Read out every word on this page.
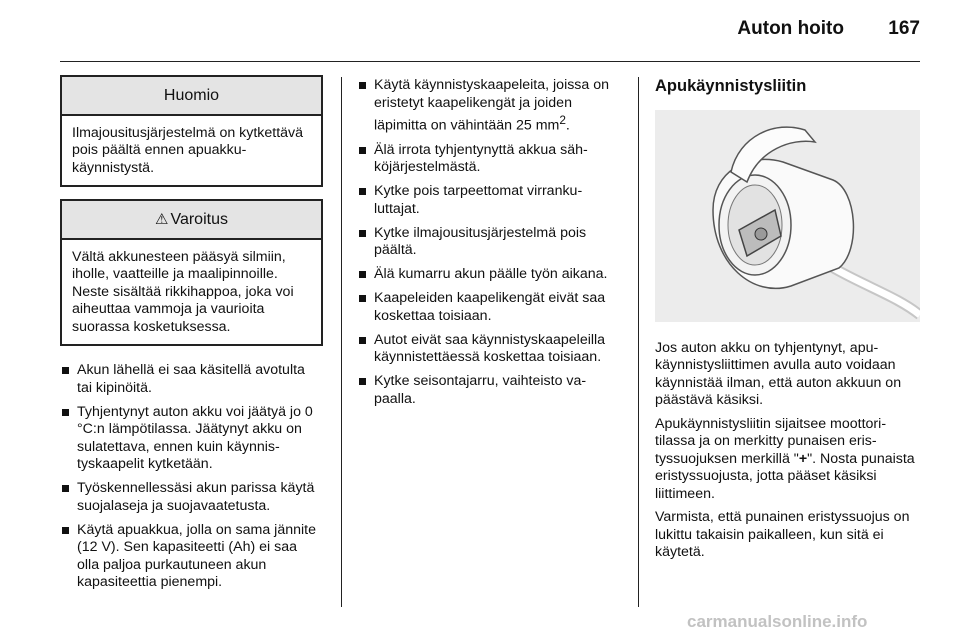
Auton hoito 167
Huomio
Ilmajousitusjärjestelmä on kytkettävä pois päältä ennen apuakkukäynnistystä.
⚠ Varoitus
Vältä akkunesteen pääsyä silmiin, iholle, vaatteille ja maalipinnoille. Neste sisältää rikkihappoa, joka voi aiheuttaa vammoja ja vaurioita suorassa kosketuksessa.
Akun lähellä ei saa käsitellä avotulta tai kipinöitä.
Tyhjentynyt auton akku voi jäätyä jo 0 °C:n lämpötilassa. Jäätynyt akku on sulatettava, ennen kuin käynnistyskaapelit kytketään.
Työskennellessäsi akun parissa käytä suojalaseja ja suojavaatetusta.
Käytä apuakkua, jolla on sama jännite (12 V). Sen kapasiteetti (Ah) ei saa olla paljoa purkautuneen akun kapasiteettia pienempi.
Käytä käynnistyskaapeleita, joissa on eristetyt kaapelikengät ja joiden läpimitta on vähintään 25 $mm^2$.
Älä irrota tyhjentynyttä akkua sähköjärjestelmästä.
Kytke pois tarpeettomat virrankuluttajat.
Kytke ilmajousitusjärjestelmä pois päältä.
Älä kumarru akun päälle työn aikana.
Kaapeleiden kaapelikengät eivät saa koskettaa toisiaan.
Autot eivät saa käynnistyskaapeleilla käynnistettäessä koskettaa toisiaan.
Kytke seisontajarru, vaihteisto vapaalla.
Apukäynnistysliitin

Jos auton akku on tyhjentynyt, apukäynnistysliittimen avulla auto voidaan käynnistää ilman, että auton akkuun on päästävä käsiksi.

Apukäynnistysliitin sijaitsee moottoritilassa ja on merkitty punaisen eristyssuojuksen merkillä "+". Nosta punaista eristyssuojusta, jotta pääset käsiksi liittimeen.

Varmista, että punainen eristyssuojus on lukittu takaisin paikalleen, kun sitä ei käytetä.

carmanualsonline.info
